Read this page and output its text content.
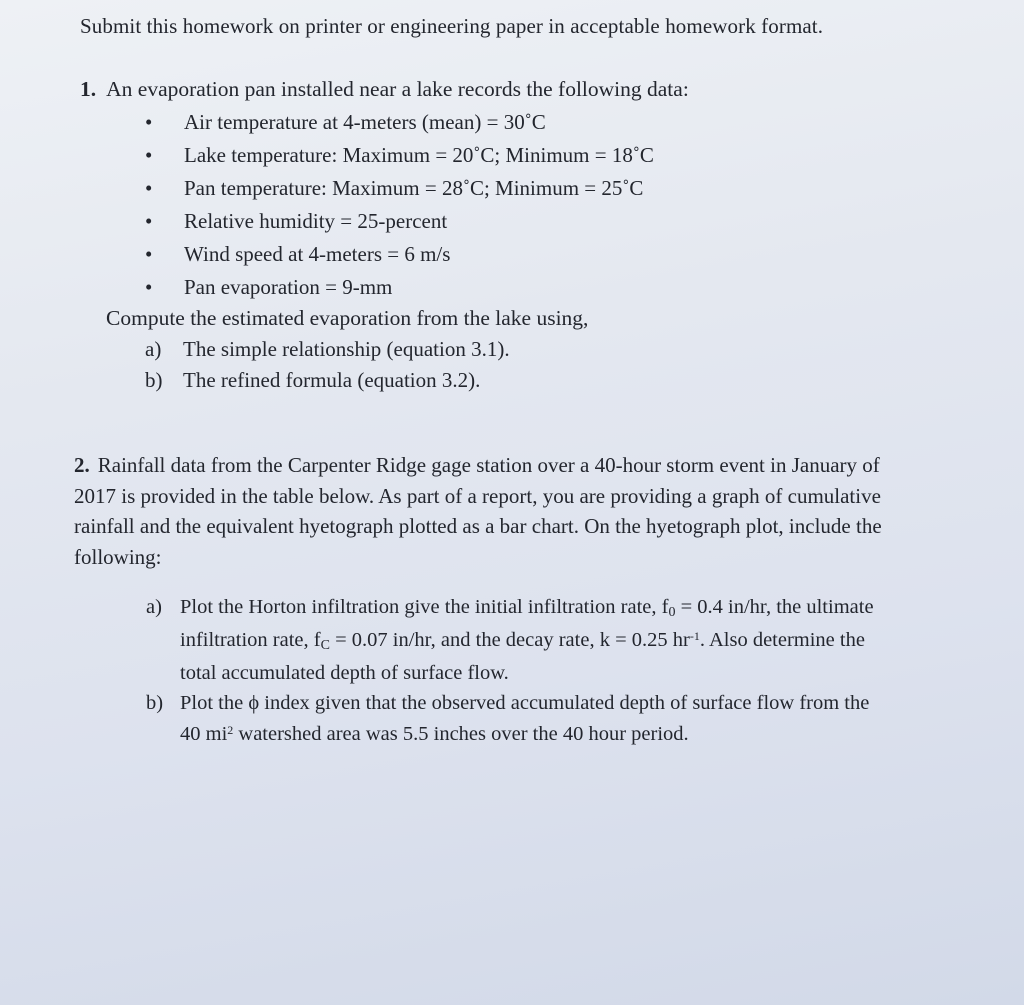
Submit this homework on printer or engineering paper in acceptable homework format.
1. An evaporation pan installed near a lake records the following data:
• Air temperature at 4-meters (mean) = 30˚C
• Lake temperature: Maximum = 20˚C; Minimum = 18˚C
• Pan temperature: Maximum = 28˚C; Minimum = 25˚C
• Relative humidity = 25-percent
• Wind speed at 4-meters = 6 m/s
• Pan evaporation = 9-mm
Compute the estimated evaporation from the lake using,
a) The simple relationship (equation 3.1).
b) The refined formula (equation 3.2).
2. Rainfall data from the Carpenter Ridge gage station over a 40-hour storm event in January of
2017 is provided in the table below. As part of a report, you are providing a graph of cumulative
rainfall and the equivalent hyetograph plotted as a bar chart. On the hyetograph plot, include the
following:
a) Plot the Horton infiltration give the initial infiltration rate, $f_0 = 0.4$ in/hr, the ultimate
infiltration rate, $f_C = 0.07$ in/hr, and the decay rate, k = 0.25 $hr^{-1}$. Also determine the
total accumulated depth of surface flow.
b) Plot the ϕ index given that the observed accumulated depth of surface flow from the
40 $mi^2$ watershed area was 5.5 inches over the 40 hour period.
